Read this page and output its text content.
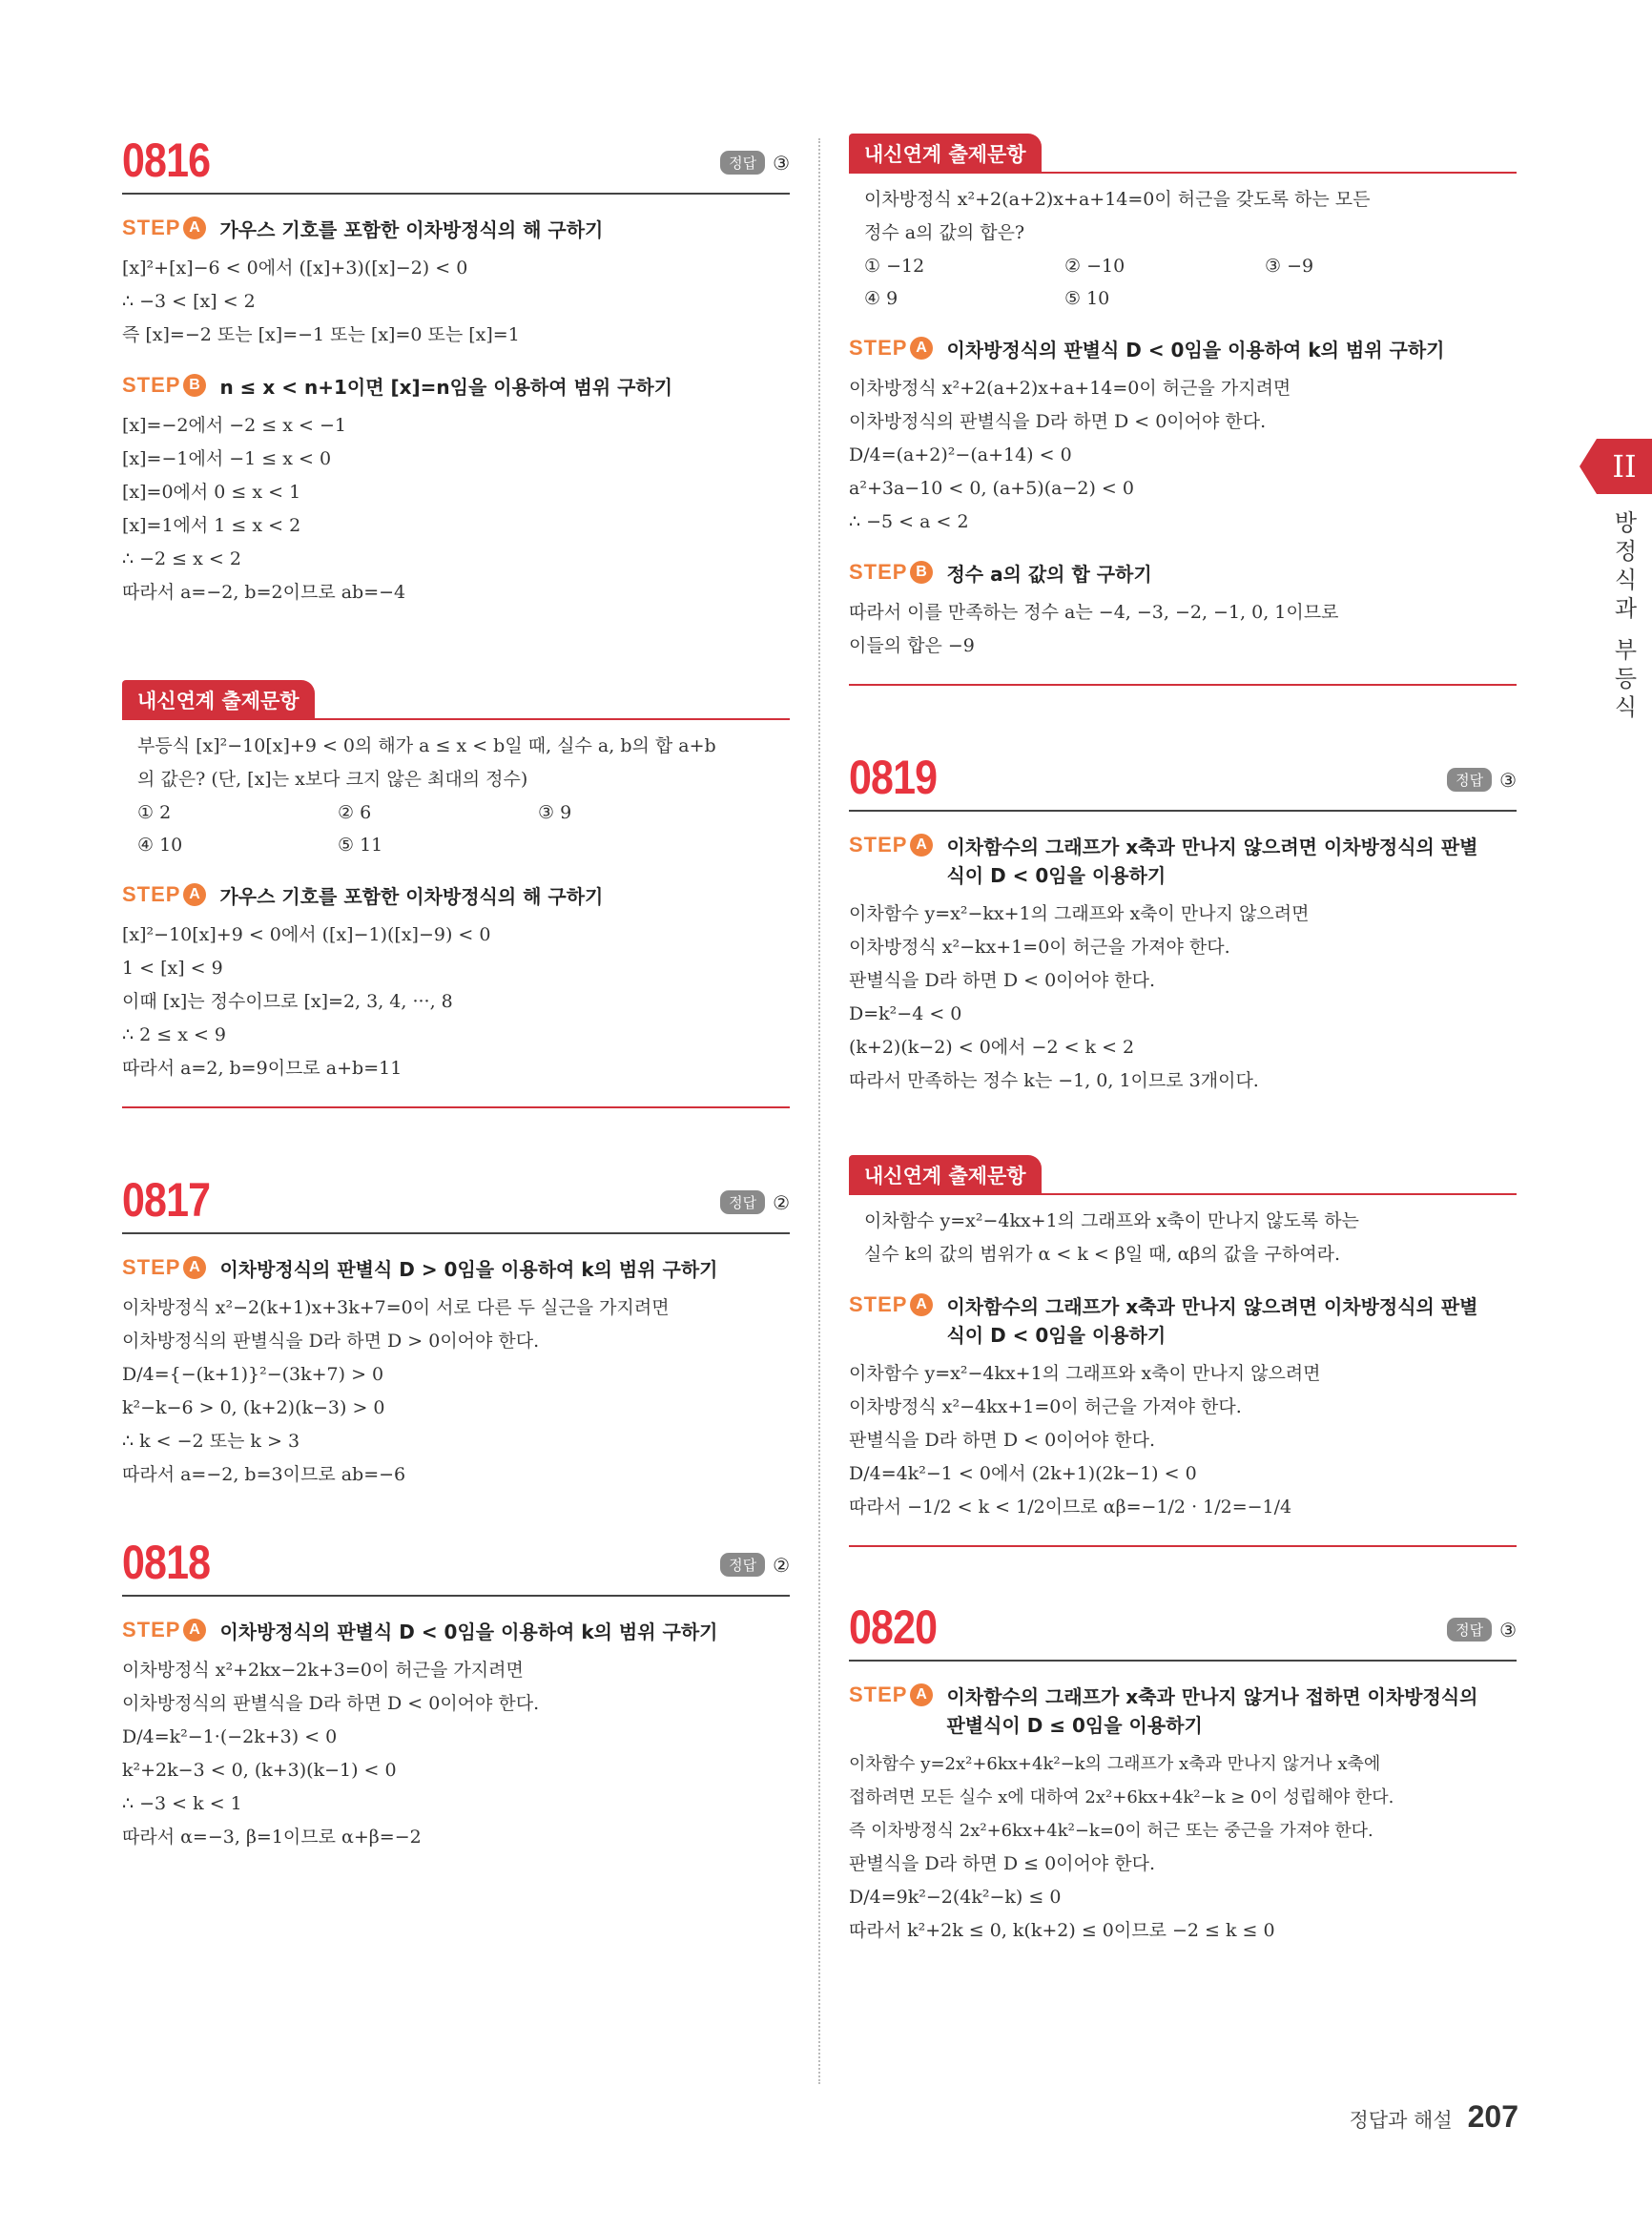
0816	정답 ③
STEP A 가우스 기호를 포함한 이차방정식의 해 구하기
[x]²+[x]−6 < 0에서 ([x]+3)([x]−2) < 0
∴ −3 < [x] < 2
즉 [x]=−2 또는 [x]=−1 또는 [x]=0 또는 [x]=1
STEP B n ≤ x < n+1이면 [x]=n임을 이용하여 범위 구하기
[x]=−2에서 −2 ≤ x < −1
[x]=−1에서 −1 ≤ x < 0
[x]=0에서 0 ≤ x < 1
[x]=1에서 1 ≤ x < 2
∴ −2 ≤ x < 2
따라서 a=−2, b=2이므로 ab=−4
내신연계 출제문항
부등식 [x]²−10[x]+9 < 0의 해가 a ≤ x < b일 때, 실수 a, b의 합 a+b
의 값은? (단, [x]는 x보다 크지 않은 최대의 정수)
① 2	② 6	③ 9
④ 10	⑤ 11
STEP A 가우스 기호를 포함한 이차방정식의 해 구하기
[x]²−10[x]+9 < 0에서 ([x]−1)([x]−9) < 0
1 < [x] < 9
이때 [x]는 정수이므로 [x]=2, 3, 4, ···, 8
∴ 2 ≤ x < 9
따라서 a=2, b=9이므로 a+b=11
0817	정답 ②
STEP A 이차방정식의 판별식 D > 0임을 이용하여 k의 범위 구하기
이차방정식 x²−2(k+1)x+3k+7=0이 서로 다른 두 실근을 가지려면
이차방정식의 판별식을 D라 하면 D > 0이어야 한다.
D/4={−(k+1)}²−(3k+7) > 0
k²−k−6 > 0, (k+2)(k−3) > 0
∴ k < −2 또는 k > 3
따라서 a=−2, b=3이므로 ab=−6
0818	정답 ②
STEP A 이차방정식의 판별식 D < 0임을 이용하여 k의 범위 구하기
이차방정식 x²+2kx−2k+3=0이 허근을 가지려면
이차방정식의 판별식을 D라 하면 D < 0이어야 한다.
D/4=k²−1·(−2k+3) < 0
k²+2k−3 < 0, (k+3)(k−1) < 0
∴ −3 < k < 1
따라서 α=−3, β=1이므로 α+β=−2
내신연계 출제문항
이차방정식 x²+2(a+2)x+a+14=0이 허근을 갖도록 하는 모든
정수 a의 값의 합은?
① −12	② −10	③ −9
④ 9	⑤ 10
STEP A 이차방정식의 판별식 D < 0임을 이용하여 k의 범위 구하기
이차방정식 x²+2(a+2)x+a+14=0이 허근을 가지려면
이차방정식의 판별식을 D라 하면 D < 0이어야 한다.
D/4=(a+2)²−(a+14) < 0
a²+3a−10 < 0, (a+5)(a−2) < 0
∴ −5 < a < 2
STEP B 정수 a의 값의 합 구하기
따라서 이를 만족하는 정수 a는 −4, −3, −2, −1, 0, 1이므로
이들의 합은 −9
0819	정답 ③
STEP A 이차함수의 그래프가 x축과 만나지 않으려면 이차방정식의 판별식이 D < 0임을 이용하기
이차함수 y=x²−kx+1의 그래프와 x축이 만나지 않으려면
이차방정식 x²−kx+1=0이 허근을 가져야 한다.
판별식을 D라 하면 D < 0이어야 한다.
D=k²−4 < 0
(k+2)(k−2) < 0에서 −2 < k < 2
따라서 만족하는 정수 k는 −1, 0, 1이므로 3개이다.
내신연계 출제문항
이차함수 y=x²−4kx+1의 그래프와 x축이 만나지 않도록 하는
실수 k의 값의 범위가 α < k < β일 때, αβ의 값을 구하여라.
STEP A 이차함수의 그래프가 x축과 만나지 않으려면 이차방정식의 판별식이 D < 0임을 이용하기
이차함수 y=x²−4kx+1의 그래프와 x축이 만나지 않으려면
이차방정식 x²−4kx+1=0이 허근을 가져야 한다.
판별식을 D라 하면 D < 0이어야 한다.
D/4=4k²−1 < 0에서 (2k+1)(2k−1) < 0
따라서 −1/2 < k < 1/2이므로 αβ=−1/2 · 1/2=−1/4
0820	정답 ③
STEP A 이차함수의 그래프가 x축과 만나지 않거나 접하면 이차방정식의 판별식이 D ≤ 0임을 이용하기
이차함수 y=2x²+6kx+4k²−k의 그래프가 x축과 만나지 않거나 x축에
접하려면 모든 실수 x에 대하여 2x²+6kx+4k²−k ≥ 0이 성립해야 한다.
즉 이차방정식 2x²+6kx+4k²−k=0이 허근 또는 중근을 가져야 한다.
판별식을 D라 하면 D ≤ 0이어야 한다.
D/4=9k²−2(4k²−k) ≤ 0
따라서 k²+2k ≤ 0, k(k+2) ≤ 0이므로 −2 ≤ k ≤ 0
II
방정식과 부등식
정답과 해설 207
